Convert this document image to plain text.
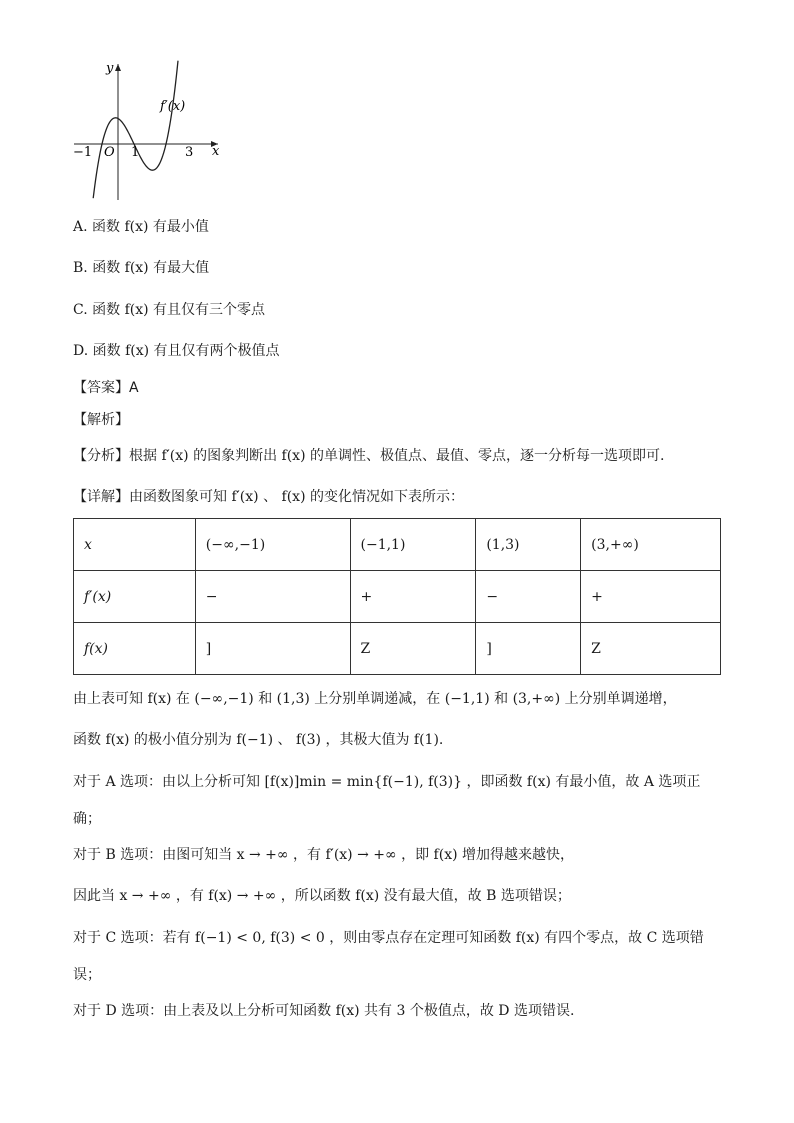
y
x
O
−1	1	3
f′(x)
A. 函数 f(x) 有最小值
B. 函数 f(x) 有最大值
C. 函数 f(x) 有且仅有三个零点
D. 函数 f(x) 有且仅有两个极值点
【答案】A
【解析】
【分析】根据 f′(x) 的图象判断出 f(x) 的单调性、极值点、最值、零点，逐一分析每一选项即可.
【详解】由函数图象可知 f′(x) 、 f(x) 的变化情况如下表所示：
x	(−∞,−1)	(−1,1)	(1,3)	(3,+∞)
f′(x)	−	+	−	+
f(x)	]	Z	]	Z
由上表可知 f(x) 在 (−∞,−1) 和 (1,3) 上分别单调递减，在 (−1,1) 和 (3,+∞) 上分别单调递增，
函数 f(x) 的极小值分别为 f(−1) 、 f(3) ，其极大值为 f(1).
对于 A 选项：由以上分析可知 [f(x)]min = min{f(−1), f(3)} ，即函数 f(x) 有最小值，故 A 选项正
确；
对于 B 选项：由图可知当 x → +∞ ，有 f′(x) → +∞ ，即 f(x) 增加得越来越快，
因此当 x → +∞ ，有 f(x) → +∞ ，所以函数 f(x) 没有最大值，故 B 选项错误；
对于 C 选项：若有 f(−1) < 0, f(3) < 0 ，则由零点存在定理可知函数 f(x) 有四个零点，故 C 选项错
误；
对于 D 选项：由上表及以上分析可知函数 f(x) 共有 3 个极值点，故 D 选项错误.
